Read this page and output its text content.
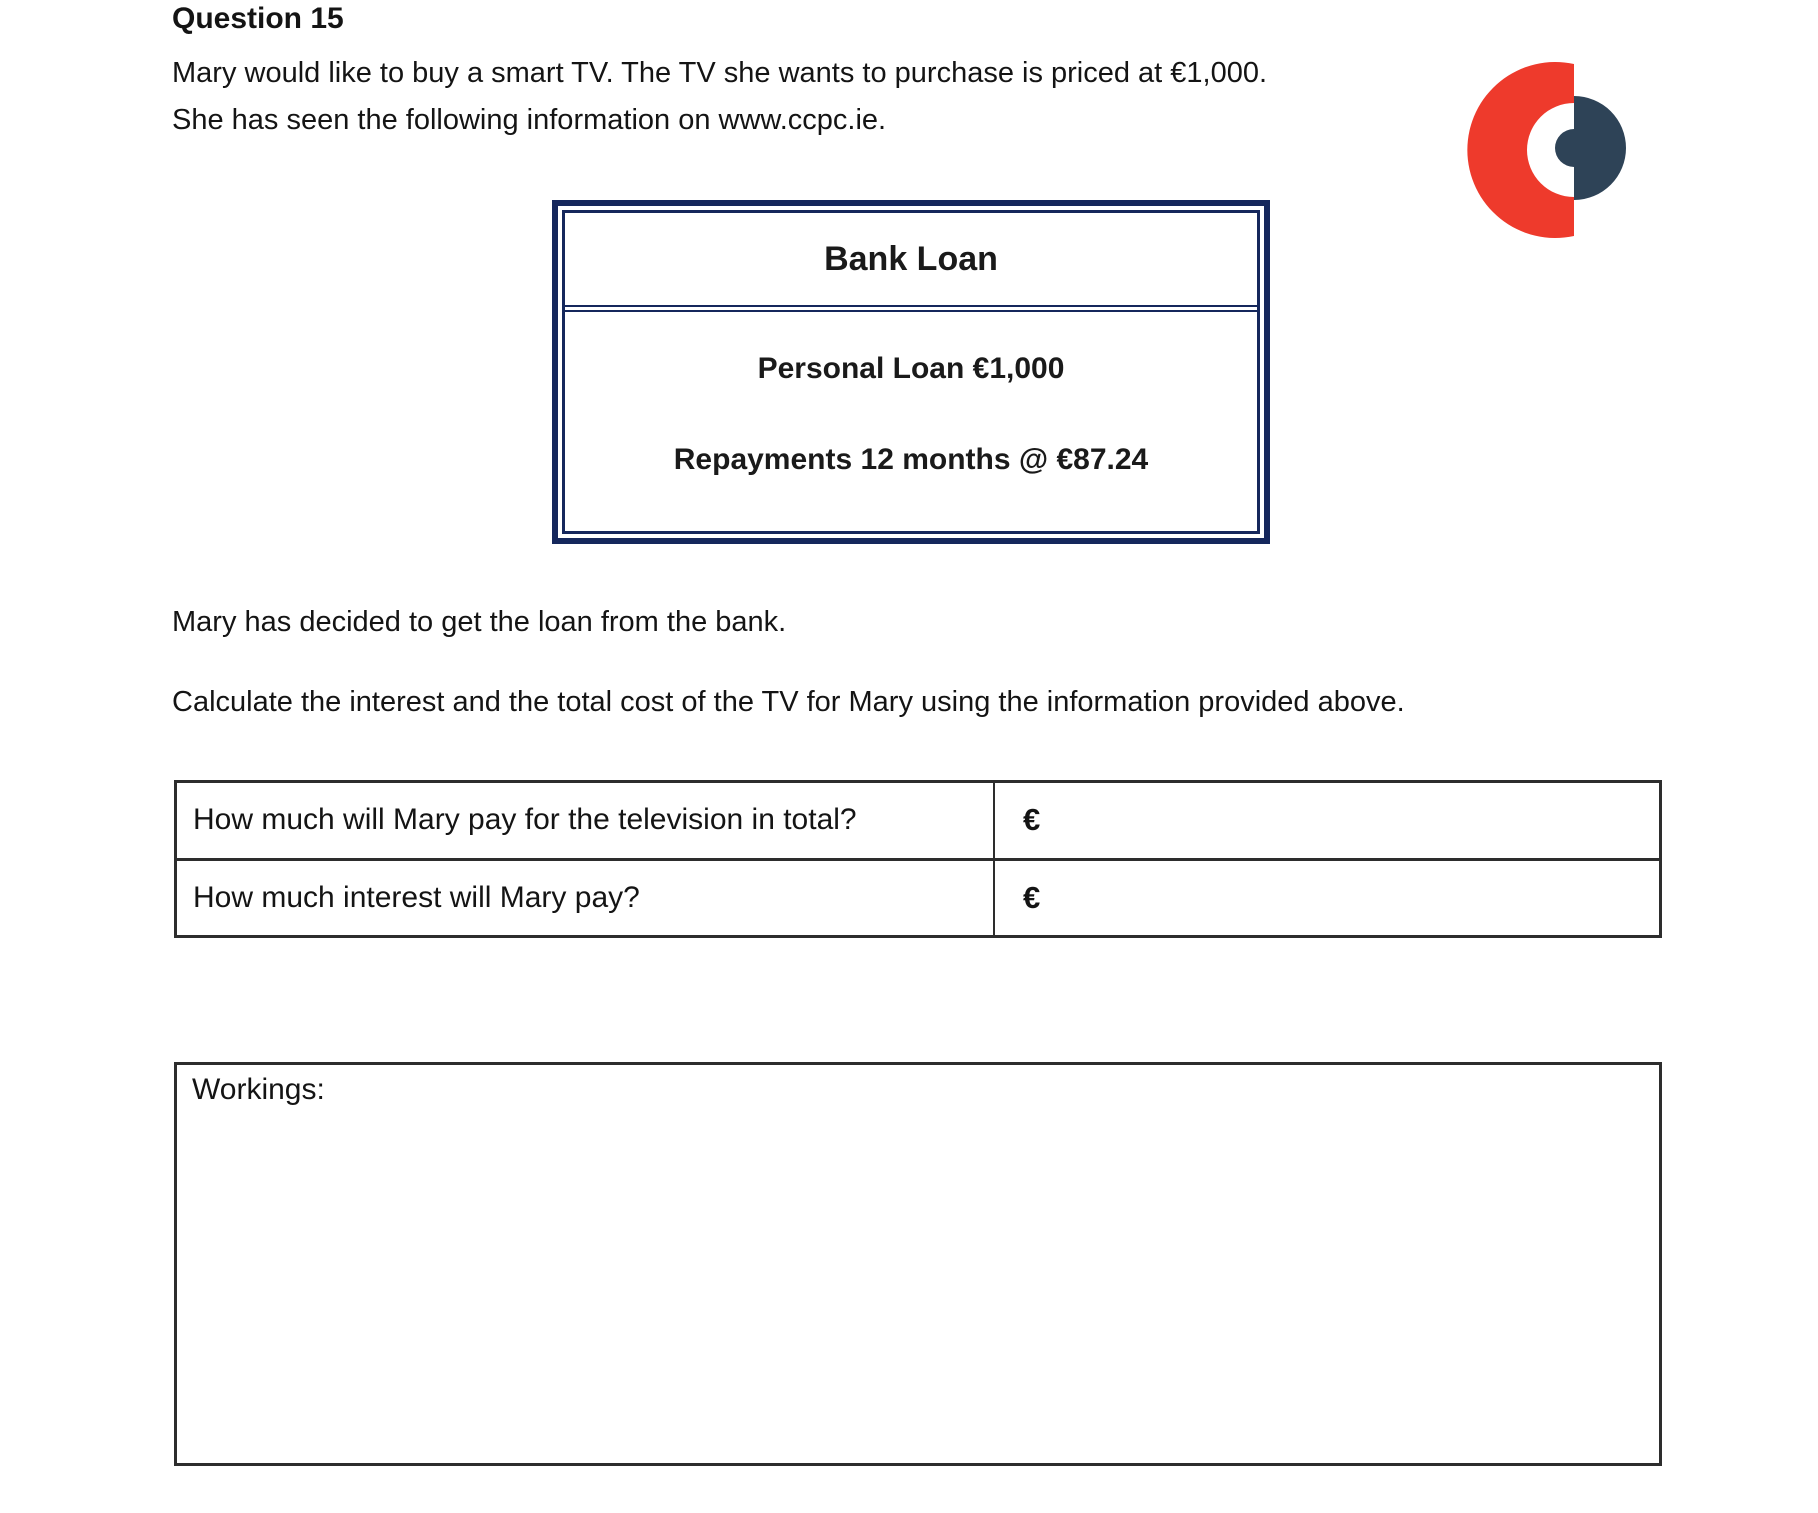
Question 15
Mary would like to buy a smart TV. The TV she wants to purchase is priced at €1,000.
She has seen the following information on www.ccpc.ie.
Bank Loan
Personal Loan €1,000
Repayments 12 months @ €87.24
Mary has decided to get the loan from the bank.
Calculate the interest and the total cost of the TV for Mary using the information provided above.
How much will Mary pay for the television in total?	€
How much interest will Mary pay?	€
Workings:
